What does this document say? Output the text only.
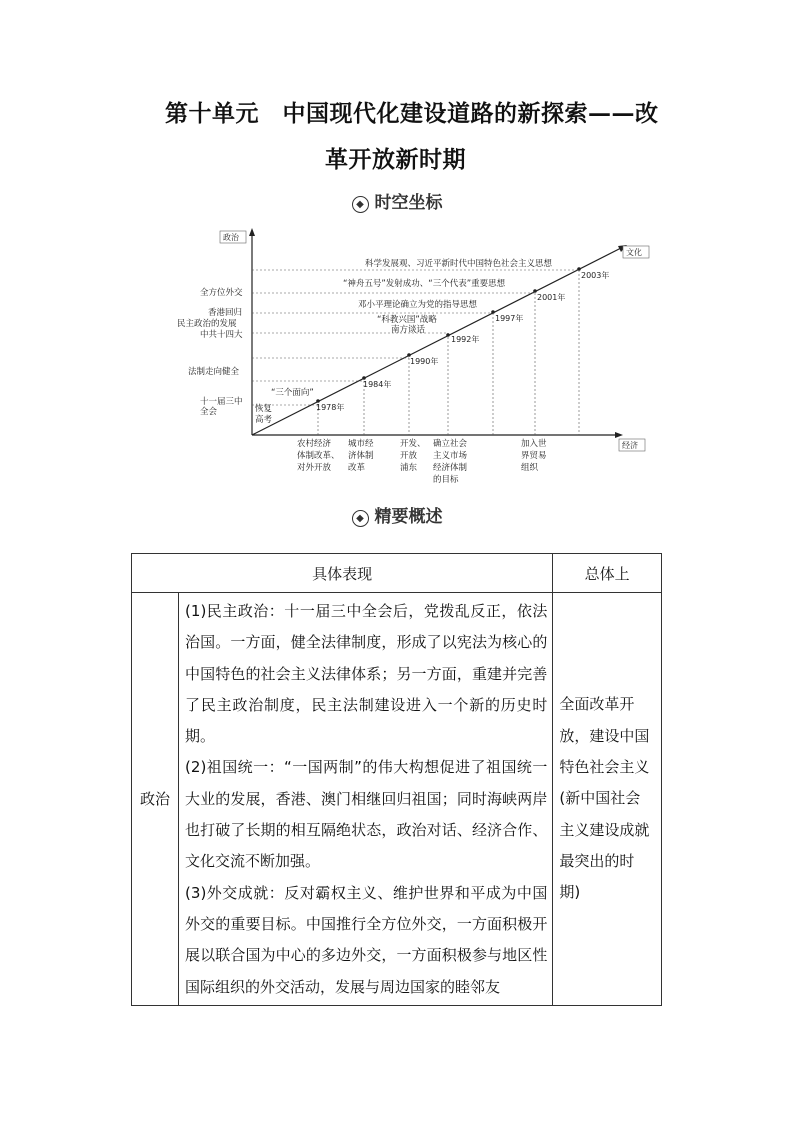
第十单元　中国现代化建设道路的新探索——改
革开放新时期
◆ 时空坐标
政治
经济
文化
1978年
1984年
1990年
1992年
1997年
2001年
2003年
全方位外交
香港回归
民主政治的发展
中共十四大
法制走向健全
十一届三中
全会	恢复
高考
科学发展观、习近平新时代中国特色社会主义思想
“神舟五号”发射成功、“三个代表”重要思想
邓小平理论确立为党的指导思想
“科教兴国”战略
南方谈话
“三个面向”
农村经济
体制改革、
对外开放
城市经
济体制
改革
开发、
开放
浦东
确立社会
主义市场
经济体制
的目标
加入世
界贸易
组织
◆ 精要概述
具体表现		总体上
政治	(1)民主政治：十一届三中全会后，党拨乱反正，依法治国。一方面，健全法律制度，形成了以宪法为核心的中国特色的社会主义法律体系；另一方面，重建并完善了民主政治制度，民主法制建设进入一个新的历史时期。

(2)祖国统一：“一国两制”的伟大构想促进了祖国统一大业的发展，香港、澳门相继回归祖国；同时海峡两岸也打破了长期的相互隔绝状态，政治对话、经济合作、文化交流不断加强。

(3)外交成就：反对霸权主义、维护世界和平成为中国外交的重要目标。中国推行全方位外交，一方面积极开展以联合国为中心的多边外交，一方面积极参与地区性国际组织的外交活动，发展与周边国家的睦邻友	全面改革开放，建设中国特色社会主义(新中国社会主义建设成就最突出的时期)
